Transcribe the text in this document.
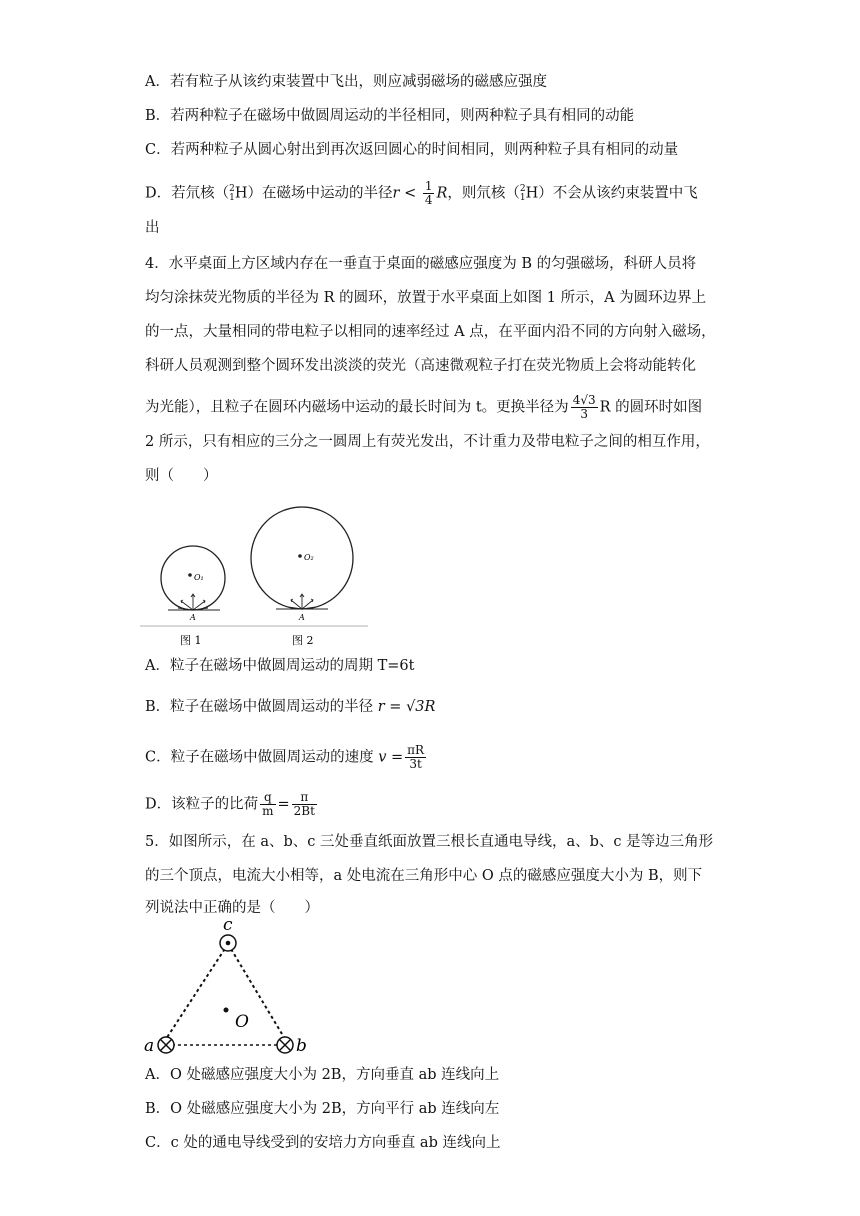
A．若有粒子从该约束装置中飞出，则应减弱磁场的磁感应强度
B．若两种粒子在磁场中做圆周运动的半径相同，则两种粒子具有相同的动能
C．若两种粒子从圆心射出到再次返回圆心的时间相同，则两种粒子具有相同的动量
D．若氘核（ 2
1 H）在磁场中运动的半径$r < \frac{1}{4}$ R，则氘核（ 2
1 H）不会从该约束装置中飞
出
4．水平桌面上方区域内存在一垂直于桌面的磁感应强度为 B 的匀强磁场，科研人员将
均匀涂抹荧光物质的半径为 R 的圆环，放置于水平桌面上如图 1 所示，A 为圆环边界上
的一点，大量相同的带电粒子以相同的速率经过 A 点，在平面内沿不同的方向射入磁场，
科研人员观测到整个圆环发出淡淡的荧光（高速微观粒子打在荧光物质上会将动能转化
为光能），且粒子在圆环内磁场中运动的最长时间为 t。更换半径为 $\frac{4√3}{3}$ R 的圆环时如图
2 所示，只有相应的三分之一圆周上有荧光发出，不计重力及带电粒子之间的相互作用，
则（　　）
O₁
A
图 1
O₂
A
图 2
A．粒子在磁场中做圆周运动的周期 T=6t
B．粒子在磁场中做圆周运动的半径 r = √3R
C．粒子在磁场中做圆周运动的速度 $v = \frac{\pi R}{3t}$
D．该粒子的比荷 $\frac{q}{m} = \frac{\pi}{2Bt}$
5．如图所示，在 a、b、c 三处垂直纸面放置三根长直通电导线，a、b、c 是等边三角形
的三个顶点，电流大小相等，a 处电流在三角形中心 O 点的磁感应强度大小为 B，则下
列说法中正确的是（　　）
O
c
a	b
A．O 处磁感应强度大小为 2B，方向垂直 ab 连线向上
B．O 处磁感应强度大小为 2B，方向平行 ab 连线向左
C．c 处的通电导线受到的安培力方向垂直 ab 连线向上
